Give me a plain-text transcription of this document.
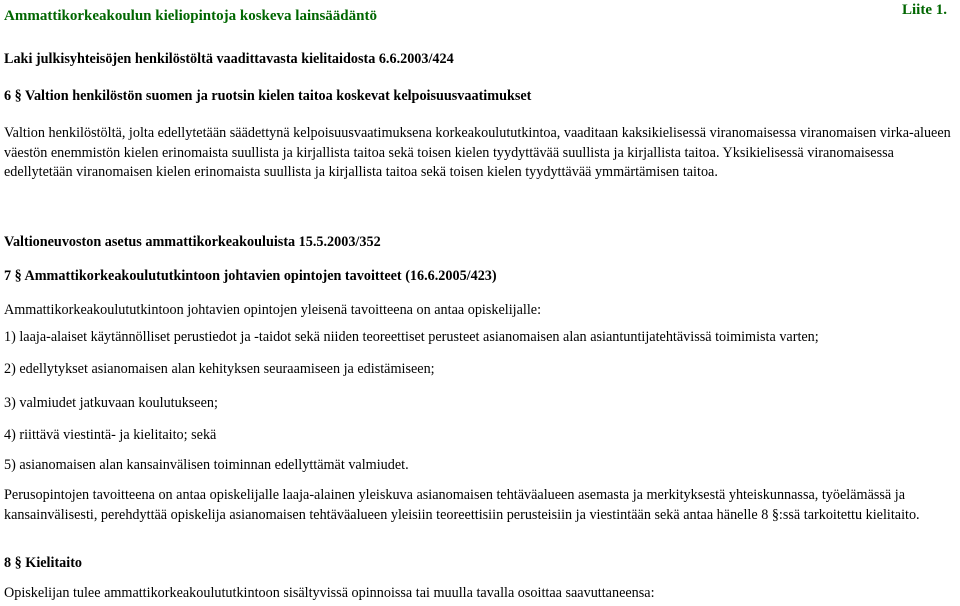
Ammattikorkeakoulun kieliopintoja koskeva lainsäädäntö	Liite 1.
Laki julkisyhteisöjen henkilöstöltä vaadittavasta kielitaidosta 6.6.2003/424
6 § Valtion henkilöstön suomen ja ruotsin kielen taitoa koskevat kelpoisuusvaatimukset

Valtion henkilöstöltä, jolta edellytetään säädettynä kelpoisuusvaatimuksena korkeakoulututkintoa, vaaditaan kaksikielisessä viranomaisessa viranomaisen virka-alueen väestön enemmistön kielen erinomaista suullista ja kirjallista taitoa sekä toisen kielen tyydyttävää suullista ja kirjallista taitoa. Yksikielisessä viranomaisessa edellytetään viranomaisen kielen erinomaista suullista ja kirjallista taitoa sekä toisen kielen tyydyttävää ymmärtämisen taitoa.

Valtioneuvoston asetus ammattikorkeakouluista 15.5.2003/352
7 § Ammattikorkeakoulututkintoon johtavien opintojen tavoitteet (16.6.2005/423)
Ammattikorkeakoulututkintoon johtavien opintojen yleisenä tavoitteena on antaa opiskelijalle:
1) laaja-alaiset käytännölliset perustiedot ja -taidot sekä niiden teoreettiset perusteet asianomaisen alan asiantuntijatehtävissä toimimista varten;
2) edellytykset asianomaisen alan kehityksen seuraamiseen ja edistämiseen;
3) valmiudet jatkuvaan koulutukseen;
4) riittävä viestintä- ja kielitaito; sekä
5) asianomaisen alan kansainvälisen toiminnan edellyttämät valmiudet.

Perusopintojen tavoitteena on antaa opiskelijalle laaja-alainen yleiskuva asianomaisen tehtäväalueen asemasta ja merkityksestä yhteiskunnassa, työelämässä ja kansainvälisesti, perehdyttää opiskelija asianomaisen tehtäväalueen yleisiin teoreettisiin perusteisiin ja viestintään sekä antaa hänelle 8 §:ssä tarkoitettu kielitaito.

8 § Kielitaito
Opiskelijan tulee ammattikorkeakoulututkintoon sisältyvissä opinnoissa tai muulla tavalla osoittaa saavuttaneensa:
